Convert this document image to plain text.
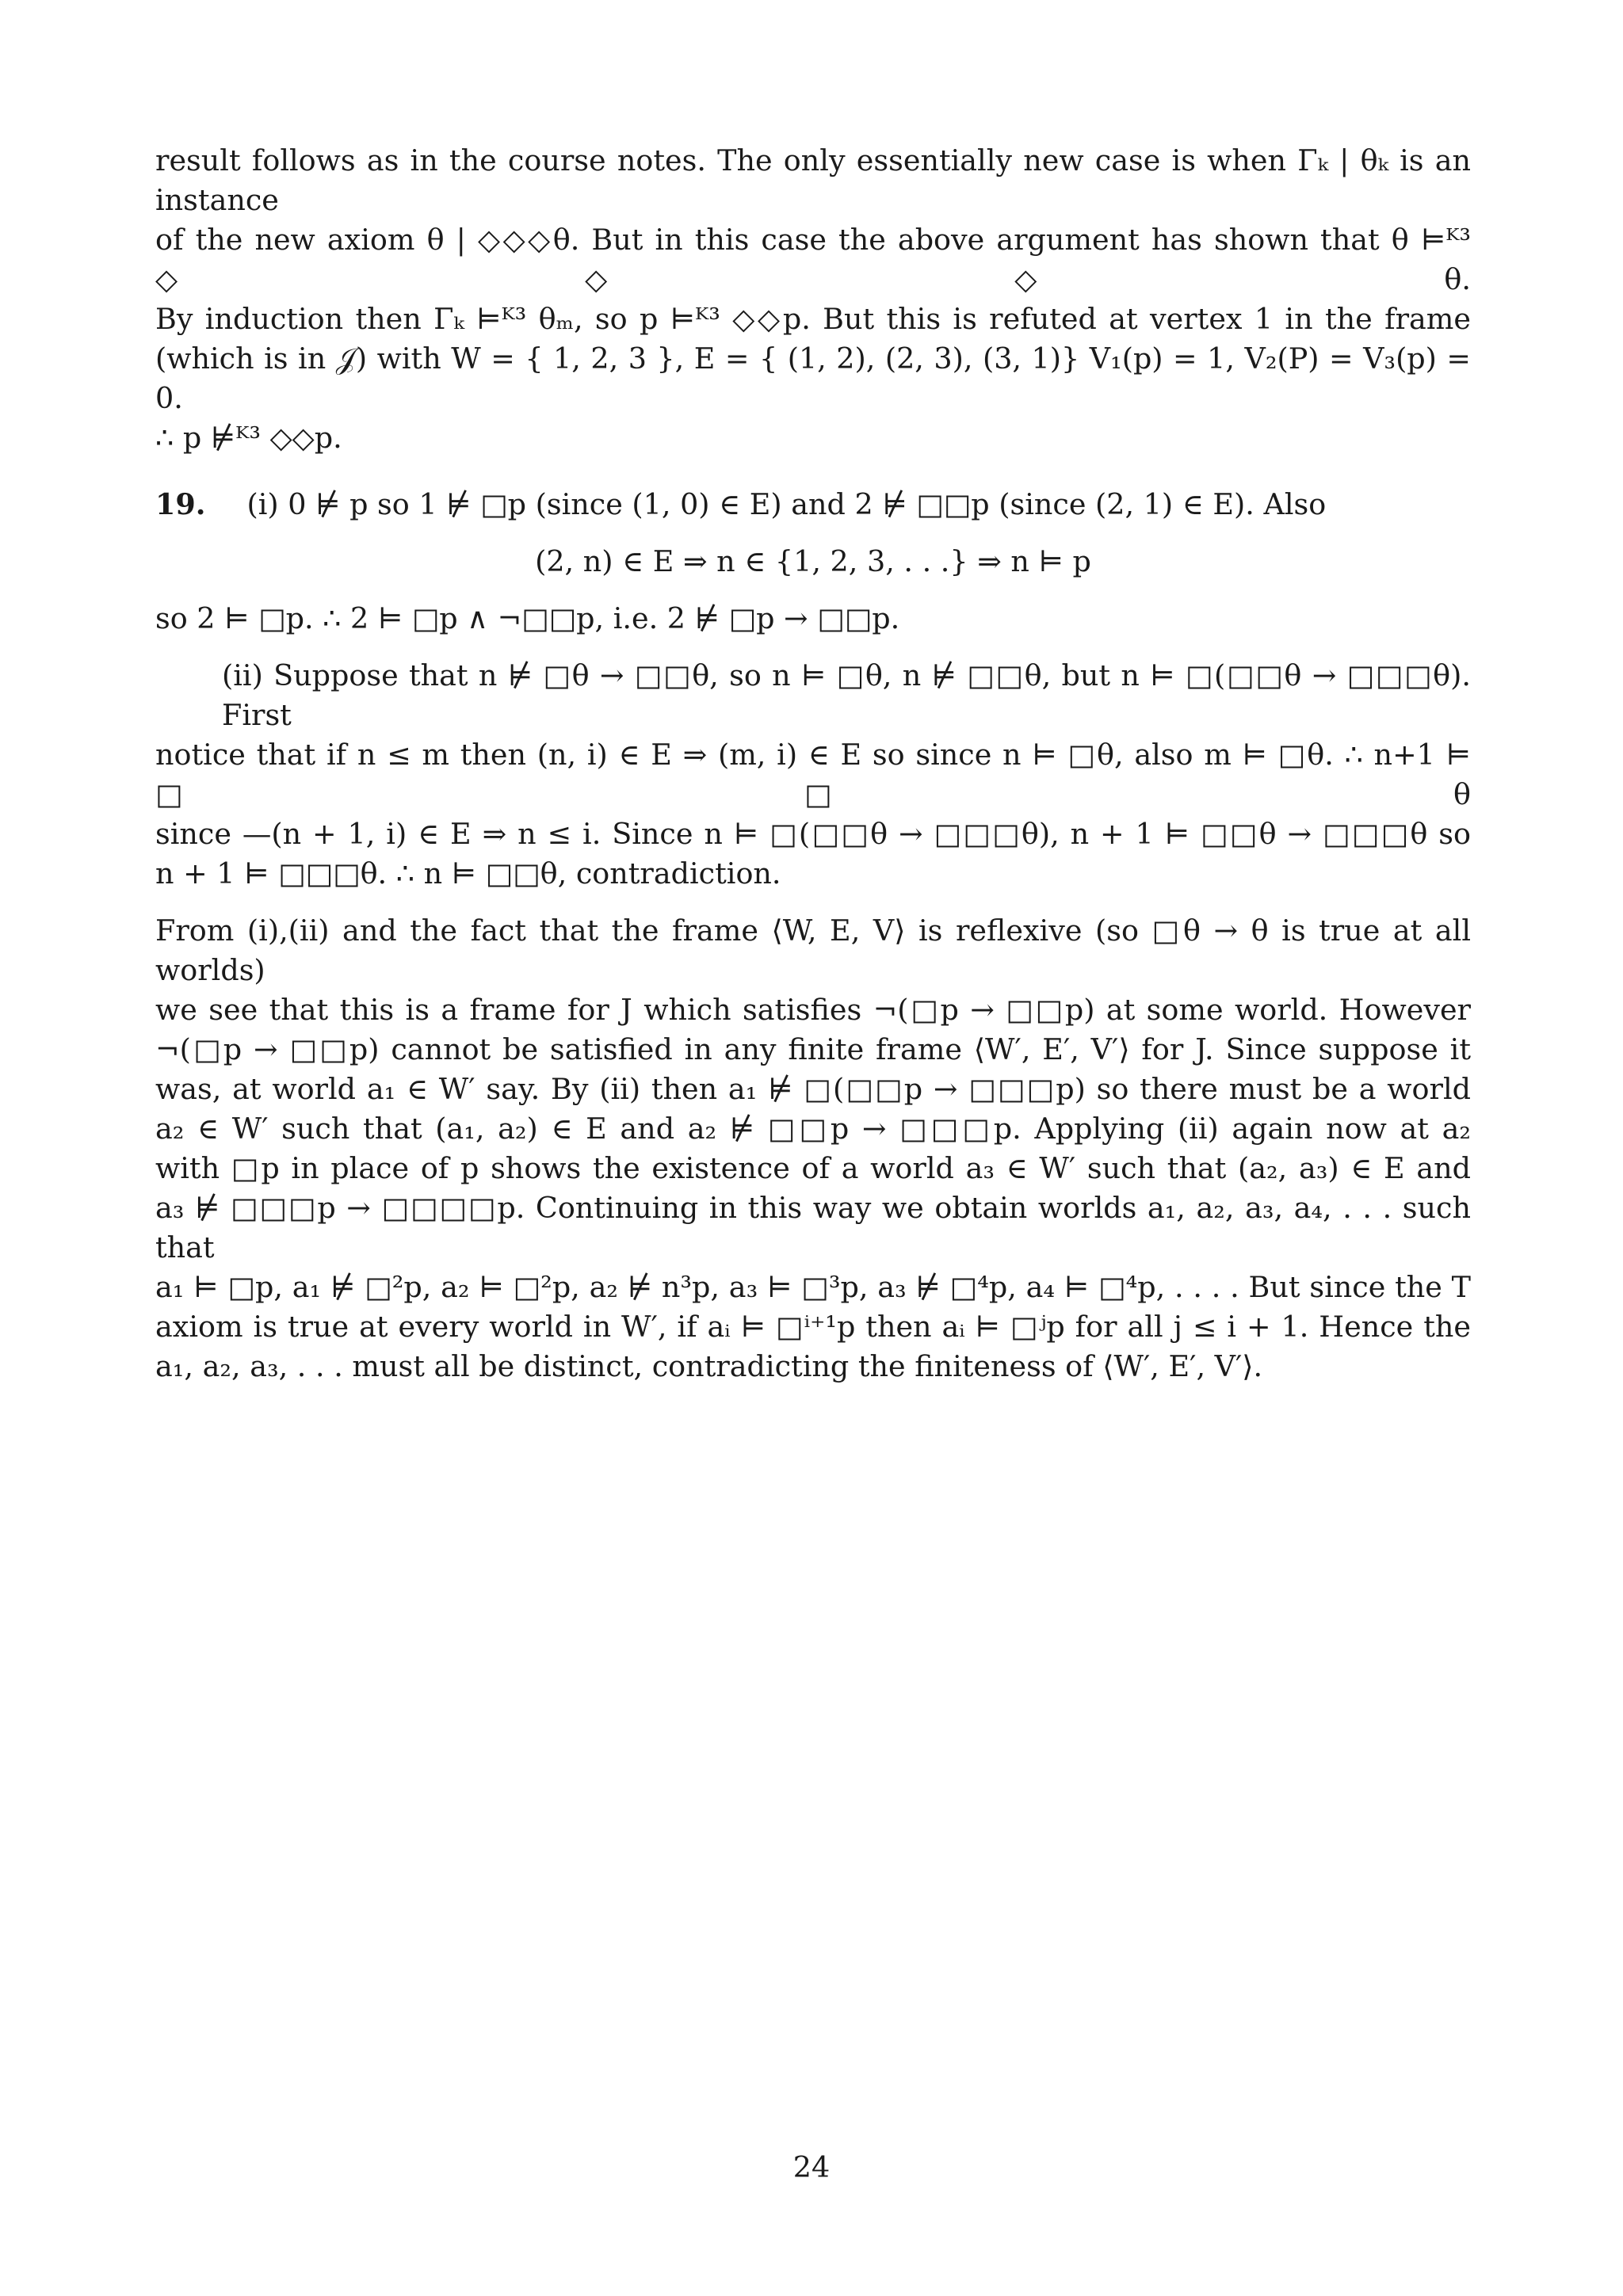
result follows as in the course notes. The only essentially new case is when Γₖ | θₖ is an instance
of the new axiom θ | ◇◇◇θ. But in this case the above argument has shown that θ ⊨ᴷ³ ◇◇◇θ.
By induction then Γₖ ⊨ᴷ³ θₘ, so p ⊨ᴷ³ ◇◇p. But this is refuted at vertex 1 in the frame
(which is in 𝒥) with W = { 1, 2, 3 }, E = { (1, 2), (2, 3), (3, 1)} V₁(p) = 1, V₂(P) = V₃(p) = 0.
∴ p ⊭ᴷ³ ◇◇p.
19. (i) 0 ⊭ p so 1 ⊭ □p (since (1, 0) ∈ E) and 2 ⊭ □□p (since (2, 1) ∈ E). Also
(2, n) ∈ E ⇒ n ∈ {1, 2, 3, . . .} ⇒ n ⊨ p
so 2 ⊨ □p. ∴ 2 ⊨ □p ∧ ¬□□p, i.e. 2 ⊭ □p → □□p.
(ii) Suppose that n ⊭ □θ → □□θ, so n ⊨ □θ, n ⊭ □□θ, but n ⊨ □(□□θ → □□□θ). First
notice that if n ≤ m then (n, i) ∈ E ⇒ (m, i) ∈ E so since n ⊨ □θ, also m ⊨ □θ. ∴ n+1 ⊨ □□θ
since —(n + 1, i) ∈ E ⇒ n ≤ i. Since n ⊨ □(□□θ → □□□θ), n + 1 ⊨ □□θ → □□□θ so
n + 1 ⊨ □□□θ. ∴ n ⊨ □□θ, contradiction.
From (i),(ii) and the fact that the frame ⟨W, E, V⟩ is reflexive (so □θ → θ is true at all worlds)
we see that this is a frame for J which satisfies ¬(□p → □□p) at some world. However
¬(□p → □□p) cannot be satisfied in any finite frame ⟨W′, E′, V′⟩ for J. Since suppose it
was, at world a₁ ∈ W′ say. By (ii) then a₁ ⊭ □(□□p → □□□p) so there must be a world
a₂ ∈ W′ such that (a₁, a₂) ∈ E and a₂ ⊭ □□p → □□□p. Applying (ii) again now at a₂
with □p in place of p shows the existence of a world a₃ ∈ W′ such that (a₂, a₃) ∈ E and
a₃ ⊭ □□□p → □□□□p. Continuing in this way we obtain worlds a₁, a₂, a₃, a₄, . . . such that
a₁ ⊨ □p, a₁ ⊭ □²p, a₂ ⊨ □²p, a₂ ⊭ n³p, a₃ ⊨ □³p, a₃ ⊭ □⁴p, a₄ ⊨ □⁴p, . . . . But since the T
axiom is true at every world in W′, if aᵢ ⊨ □ⁱ⁺¹p then aᵢ ⊨ □ʲp for all j ≤ i + 1. Hence the
a₁, a₂, a₃, . . . must all be distinct, contradicting the finiteness of ⟨W′, E′, V′⟩.
24
